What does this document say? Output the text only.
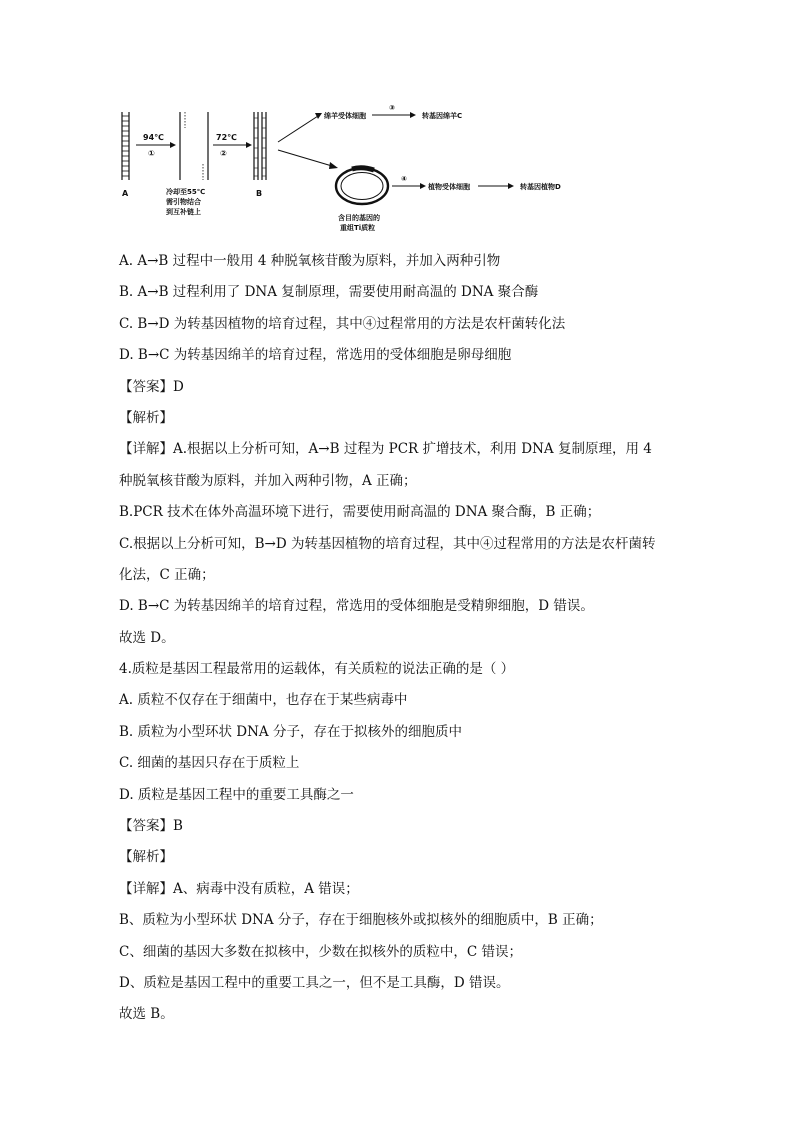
A
94℃
①
冷却至55℃
需引物结合
到互补链上
72℃
②
B
绵羊受体细胞
③
转基因绵羊C
含目的基因的
重组Ti质粒
④
植物受体细胞	转基因植物D
A. A→B 过程中一般用 4 种脱氧核苷酸为原料，并加入两种引物
B. A→B 过程利用了 DNA 复制原理，需要使用耐高温的 DNA 聚合酶
C. B→D 为转基因植物的培育过程，其中④过程常用的方法是农杆菌转化法
D. B→C 为转基因绵羊的培育过程，常选用的受体细胞是卵母细胞
【答案】D
【解析】
【详解】A.根据以上分析可知，A→B 过程为 PCR 扩增技术，利用 DNA 复制原理，用 4
种脱氧核苷酸为原料，并加入两种引物，A 正确；
B.PCR 技术在体外高温环境下进行，需要使用耐高温的 DNA 聚合酶，B 正确；
C.根据以上分析可知，B→D 为转基因植物的培育过程，其中④过程常用的方法是农杆菌转
化法，C 正确；
D. B→C 为转基因绵羊的培育过程，常选用的受体细胞是受精卵细胞，D 错误。
故选 D。
4.质粒是基因工程最常用的运载体，有关质粒的说法正确的是（ ）
A. 质粒不仅存在于细菌中，也存在于某些病毒中
B. 质粒为小型环状 DNA 分子，存在于拟核外的细胞质中
C. 细菌的基因只存在于质粒上
D. 质粒是基因工程中的重要工具酶之一
【答案】B
【解析】
【详解】A、病毒中没有质粒，A 错误；
B、质粒为小型环状 DNA 分子，存在于细胞核外或拟核外的细胞质中，B 正确；
C、细菌的基因大多数在拟核中，少数在拟核外的质粒中，C 错误；
D、质粒是基因工程中的重要工具之一，但不是工具酶，D 错误。
故选 B。
